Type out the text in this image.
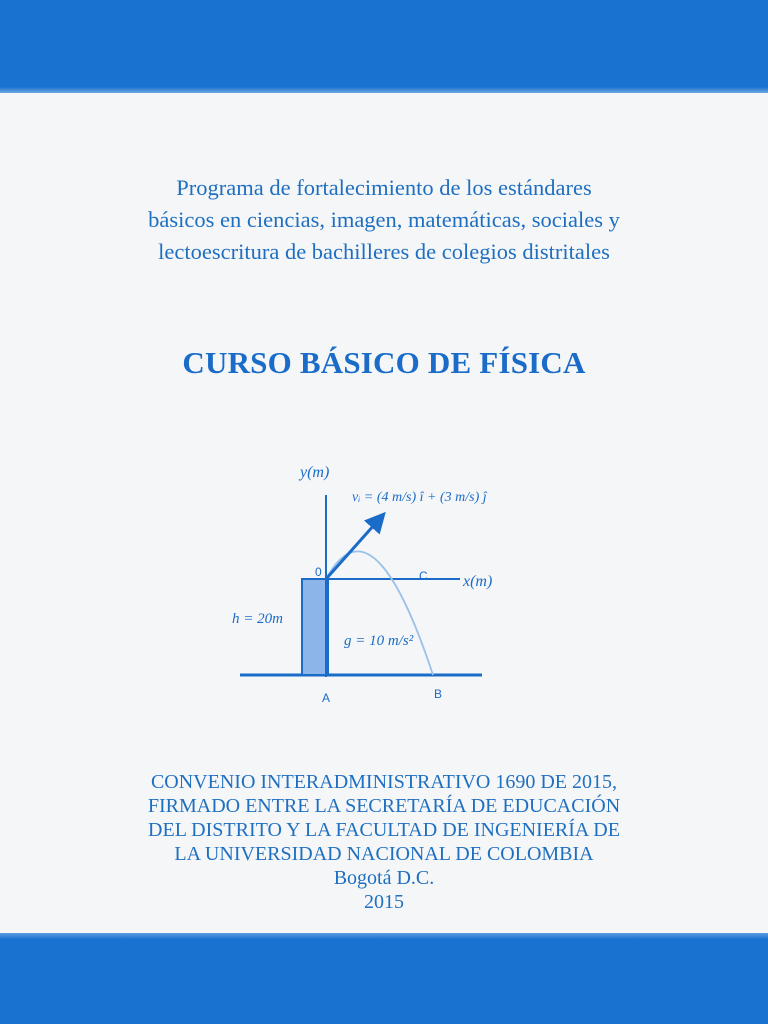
Programa de fortalecimiento de los estándares
básicos en ciencias, imagen, matemáticas, sociales y
lectoescritura de bachilleres de colegios distritales
CURSO BÁSICO DE FÍSICA
y(m)
x(m)
vᵢ = (4 m/s) î + (3 m/s) ĵ
h = 20m
g = 10 m/s²
0	C
A	B
CONVENIO INTERADMINISTRATIVO 1690 DE 2015,
FIRMADO ENTRE LA SECRETARÍA DE EDUCACIÓN
DEL DISTRITO Y LA FACULTAD DE INGENIERÍA DE
LA UNIVERSIDAD NACIONAL DE COLOMBIA
Bogotá D.C.
2015
